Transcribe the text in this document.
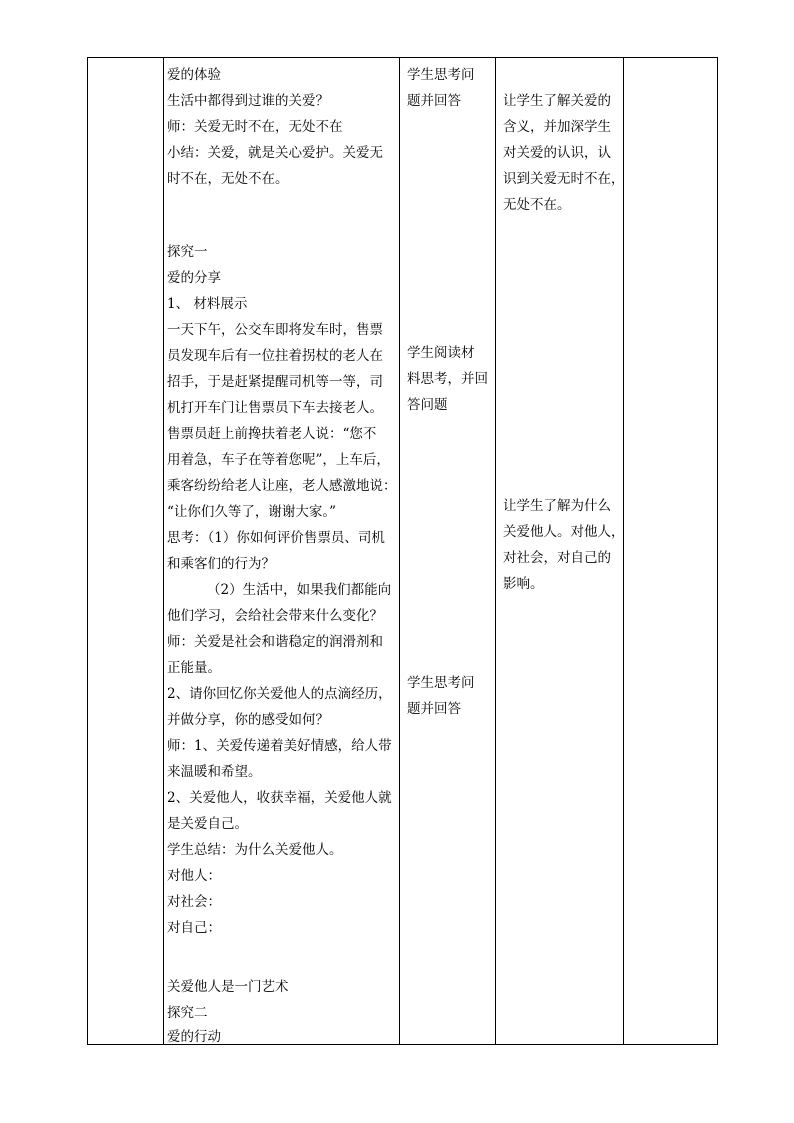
爱的体验
生活中都得到过谁的关爱？
师：关爱无时不在，无处不在
小结：关爱，就是关心爱护。关爱无
时不在，无处不在。
探究一
爱的分享
1、 材料展示
一天下午，公交车即将发车时，售票
员发现车后有一位拄着拐杖的老人在
招手，于是赶紧提醒司机等一等，司
机打开车门让售票员下车去接老人。
售票员赶上前搀扶着老人说：“您不
用着急，车子在等着您呢”，上车后，
乘客纷纷给老人让座，老人感激地说：
“让你们久等了，谢谢大家。”
思考：（1）你如何评价售票员、司机
和乘客们的行为？
（2）生活中，如果我们都能向
他们学习，会给社会带来什么变化？
师：关爱是社会和谐稳定的润滑剂和
正能量。
2、请你回忆你关爱他人的点滴经历，
并做分享，你的感受如何？
师：1、关爱传递着美好情感，给人带
来温暖和希望。
2、关爱他人，收获幸福，关爱他人就
是关爱自己。
学生总结：为什么关爱他人。
对他人：
对社会：
对自己：
关爱他人是一门艺术
探究二
爱的行动
学生思考问
题并回答
学生阅读材
料思考，并回
答问题
学生思考问
题并回答
让学生了解关爱的
含义，并加深学生
对关爱的认识，认
识到关爱无时不在，
无处不在。
让学生了解为什么
关爱他人。对他人，
对社会，对自己的
影响。
